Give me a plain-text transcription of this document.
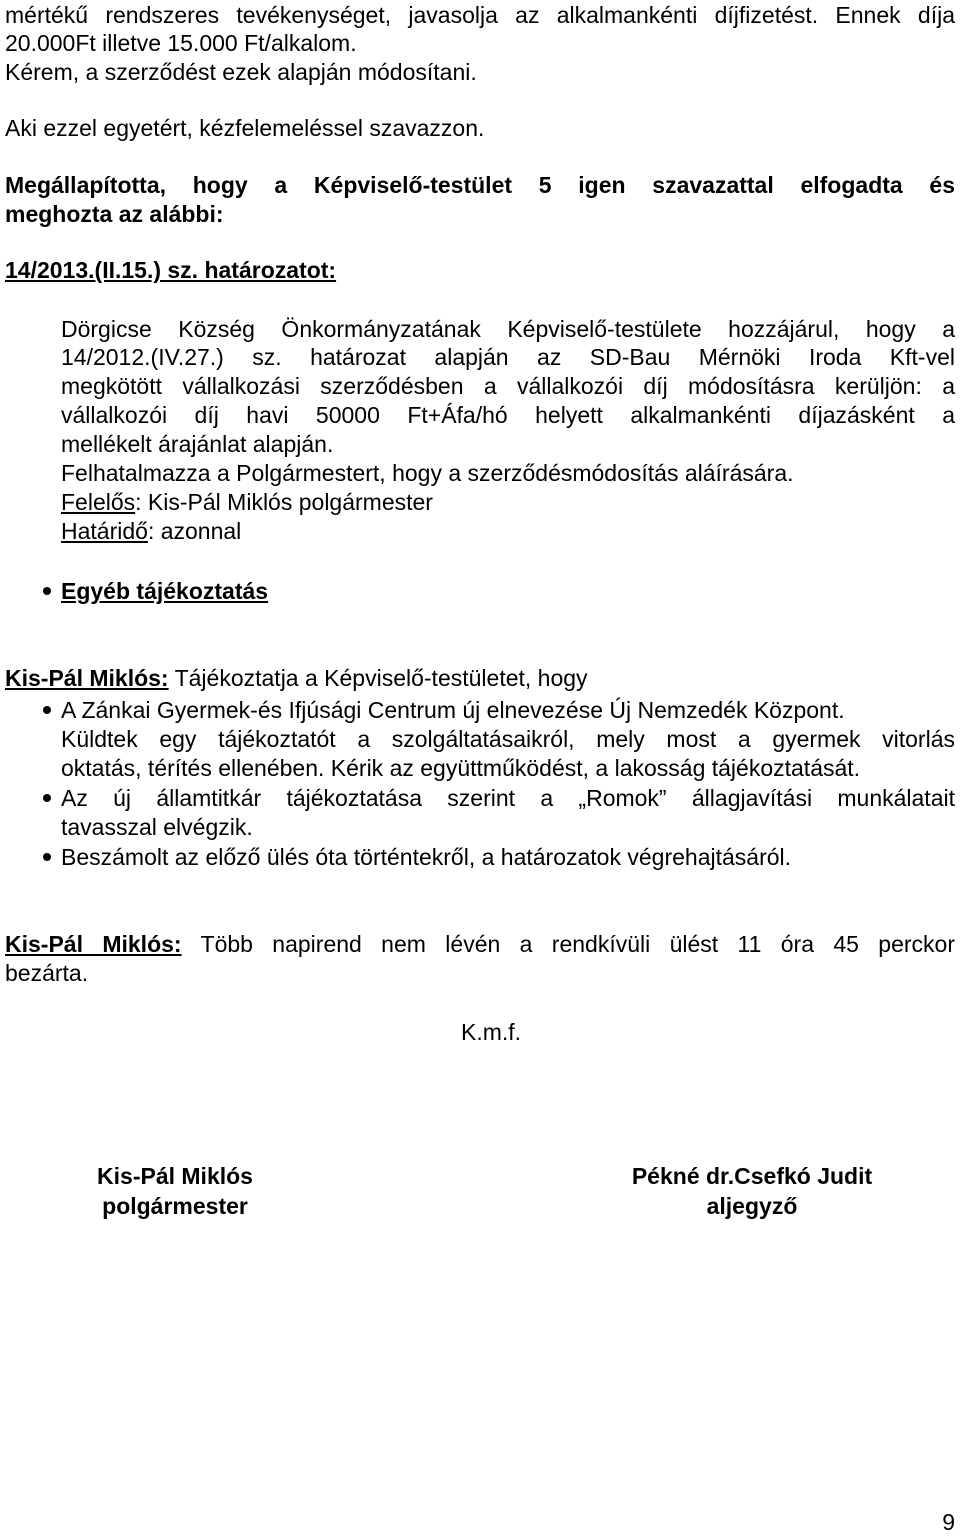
mértékű rendszeres tevékenységet, javasolja az alkalmankénti díjfizetést. Ennek díja
20.000Ft illetve 15.000 Ft/alkalom.
Kérem, a szerződést ezek alapján módosítani.
Aki ezzel egyetért, kézfelemeléssel szavazzon.
Megállapította, hogy a Képviselő-testület 5 igen szavazattal elfogadta és
meghozta az alábbi:
14/2013.(II.15.) sz. határozatot:
Dörgicse Község Önkormányzatának Képviselő-testülete hozzájárul, hogy a
14/2012.(IV.27.) sz. határozat alapján az SD-Bau Mérnöki Iroda Kft-vel
megkötött vállalkozási szerződésben a vállalkozói díj módosításra kerüljön: a
vállalkozói díj havi 50000 Ft+Áfa/hó helyett alkalmankénti díjazásként a
mellékelt árajánlat alapján.
Felhatalmazza a Polgármestert, hogy a szerződésmódosítás aláírására.
Felelős: Kis-Pál Miklós polgármester
Határidő: azonnal
Egyéb tájékoztatás
Kis-Pál Miklós: Tájékoztatja a Képviselő-testületet, hogy
A Zánkai Gyermek-és Ifjúsági Centrum új elnevezése Új Nemzedék Központ.
Küldtek egy tájékoztatót a szolgáltatásaikról, mely most a gyermek vitorlás
oktatás, térítés ellenében. Kérik az együttműködést, a lakosság tájékoztatását.
Az új államtitkár tájékoztatása szerint a „Romok” állagjavítási munkálatait
tavasszal elvégzik.
Beszámolt az előző ülés óta történtekről, a határozatok végrehajtásáról.
Kis-Pál Miklós: Több napirend nem lévén a rendkívüli ülést 11 óra 45 perckor
bezárta.
K.m.f.
Kis-Pál Miklós
polgármester
Pékné dr.Csefkó Judit
aljegyző
9
